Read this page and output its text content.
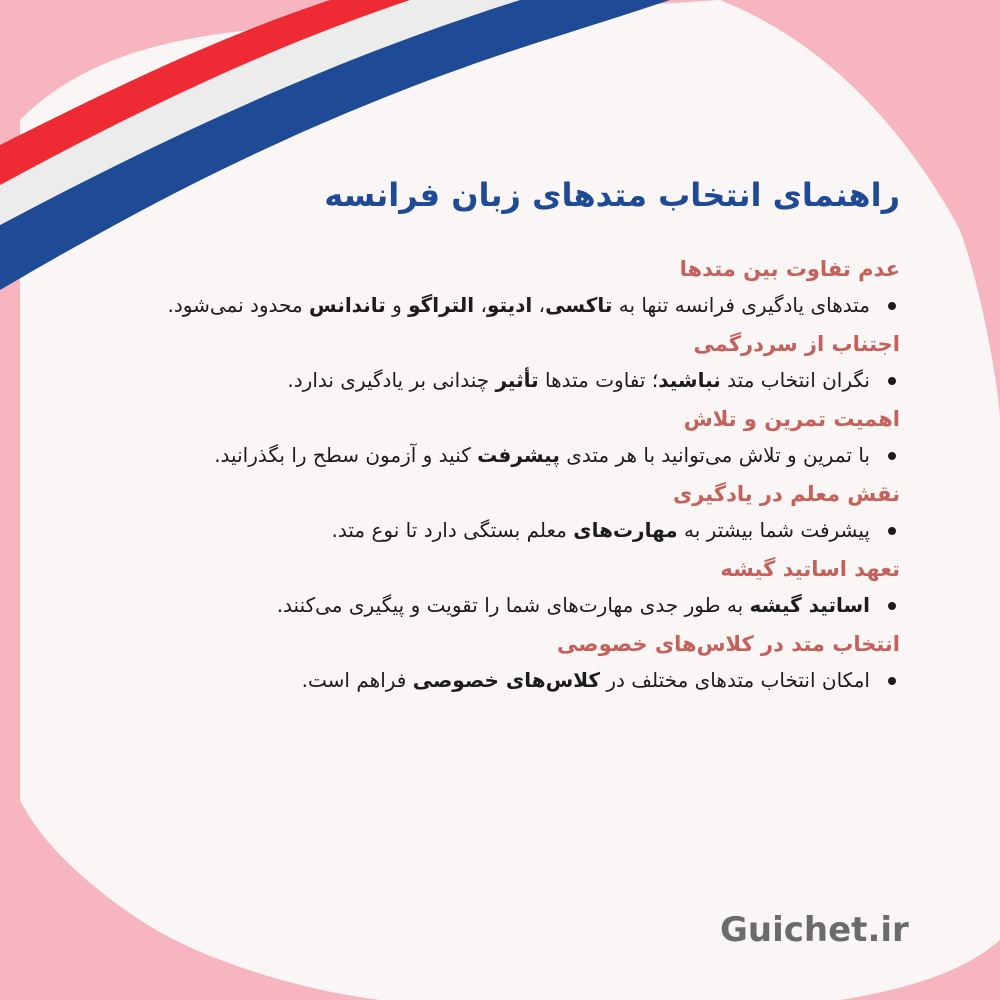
راهنمای انتخاب متدهای زبان فرانسه
عدم تفاوت بین متدها

متدهای یادگیری فرانسه تنها به تاکسی، ادیتو، التراگو و تاندانس محدود نمی‌شود.

اجتناب از سردرگمی

نگران انتخاب متد نباشید؛ تفاوت متدها تأثیر چندانی بر یادگیری ندارد.

اهمیت تمرین و تلاش

با تمرین و تلاش می‌توانید با هر متدی پیشرفت کنید و آزمون سطح را بگذرانید.

نقش معلم در یادگیری

پیشرفت شما بیشتر به مهارت‌های معلم بستگی دارد تا نوع متد.

تعهد اساتید گیشه

اساتید گیشه به طور جدی مهارت‌های شما را تقویت و پیگیری می‌کنند.

انتخاب متد در کلاس‌های خصوصی

امکان انتخاب متدهای مختلف در کلاس‌های خصوصی فراهم است.

Guichet.ir
